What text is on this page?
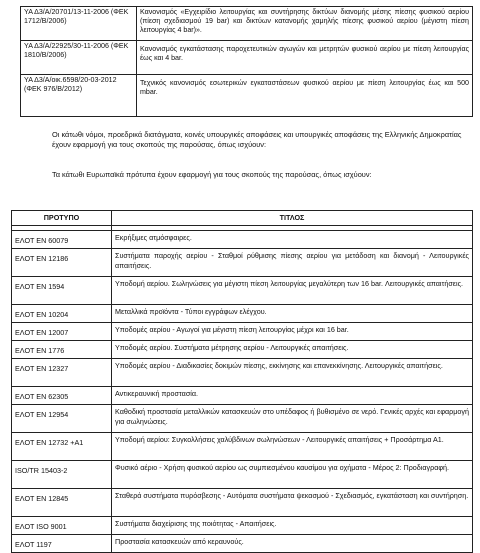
ΥΑ Δ3/Α/20701/13-11-2006 (ΦΕΚ 1712/Β/2006)	Κανονισμός «Εγχειρίδιο λειτουργίας και συντήρησης δικτύων διανομής μέσης πίεσης φυσικού αερίου (πίεση σχεδιασμού 19 bar) και δικτύων κατανομής χαμηλής πίεσης φυσικού αερίου (μέγιστη πίεση λειτουργίας 4 bar)».
ΥΑ Δ3/Α/22925/30-11-2006 (ΦΕΚ 1810/Β/2006)	Κανονισμός εγκατάστασης παροχετευτικών αγωγών και μετρητών φυσικού αερίου με πίεση λειτουργίας έως και 4 bar.
ΥΑ Δ3/Α/οικ.6598/20-03-2012 (ΦΕΚ 976/Β/2012)	Τεχνικός κανονισμός εσωτερικών εγκαταστάσεων φυσικού αερίου με πίεση λειτουργίας έως και 500 mbar.

Οι κάτωθι νόμοι, προεδρικά διατάγματα, κοινές υπουργικές αποφάσεις και υπουργικές αποφάσεις της Ελληνικής Δημοκρατίας έχουν εφαρμογή για τους σκοπούς της παρούσας, όπως ισχύουν:

Τα κάτωθι Ευρωπαϊκά πρότυπα έχουν εφαρμογή για τους σκοπούς της παρούσας, όπως ισχύουν:

ΠΡΟΤΥΠΟ	ΤΙΤΛΟΣ

ΕΛΟΤ ΕΝ 60079	Εκρήξιμες ατμόσφαιρες.
ΕΛΟΤ ΕΝ 12186	Συστήματα παροχής αερίου - Σταθμοί ρύθμισης πίεσης αερίου για μετάδοση και διανομή - Λειτουργικές απαιτήσεις.
ΕΛΟΤ ΕΝ 1594	Υποδομή αερίου. Σωληνώσεις για μέγιστη πίεση λειτουργίας μεγαλύτερη των 16 bar. Λειτουργικές απαιτήσεις.
ΕΛΟΤ ΕΝ 10204	Μεταλλικά προϊόντα - Τύποι εγγράφων ελέγχου.
ΕΛΟΤ ΕΝ 12007	Υποδομές αερίου - Αγωγοί για μέγιστη πίεση λειτουργίας μέχρι και 16 bar.
ΕΛΟΤ ΕΝ 1776	Υποδομές αερίου. Συστήματα μέτρησης αερίου - Λειτουργικές απαιτήσεις.
ΕΛΟΤ ΕΝ 12327	Υποδομές αερίου - Διαδικασίες δοκιμών πίεσης, εκκίνησης και επανεκκίνησης. Λειτουργικές απαιτήσεις.
ΕΛΟΤ ΕΝ 62305	Αντικεραυνική προστασία.
ΕΛΟΤ ΕΝ 12954	Καθοδική προστασία μεταλλικών κατασκευών στο υπέδαφος ή βυθισμένο σε νερό. Γενικές αρχές και εφαρμογή για σωληνώσεις.
ΕΛΟΤ ΕΝ 12732 +Α1	Υποδομή αερίου: Συγκολλήσεις χαλύβδινων σωληνώσεων - Λειτουργικές απαιτήσεις + Προσάρτημα Α1.
ISO/TR 15403-2	Φυσικό αέριο - Χρήση φυσικού αερίου ως συμπιεσμένου καυσίμου για οχήματα - Μέρος 2: Προδιαγραφή.
ΕΛΟΤ ΕΝ 12845	Σταθερά συστήματα πυρόσβεσης - Αυτόματα συστήματα ψεκασμού - Σχεδιασμός, εγκατάσταση και συντήρηση.
ΕΛΟΤ ISO 9001	Συστήματα διαχείρισης της ποιότητας - Απαιτήσεις.
ΕΛΟΤ 1197	Προστασία κατασκευών από κεραυνούς.
